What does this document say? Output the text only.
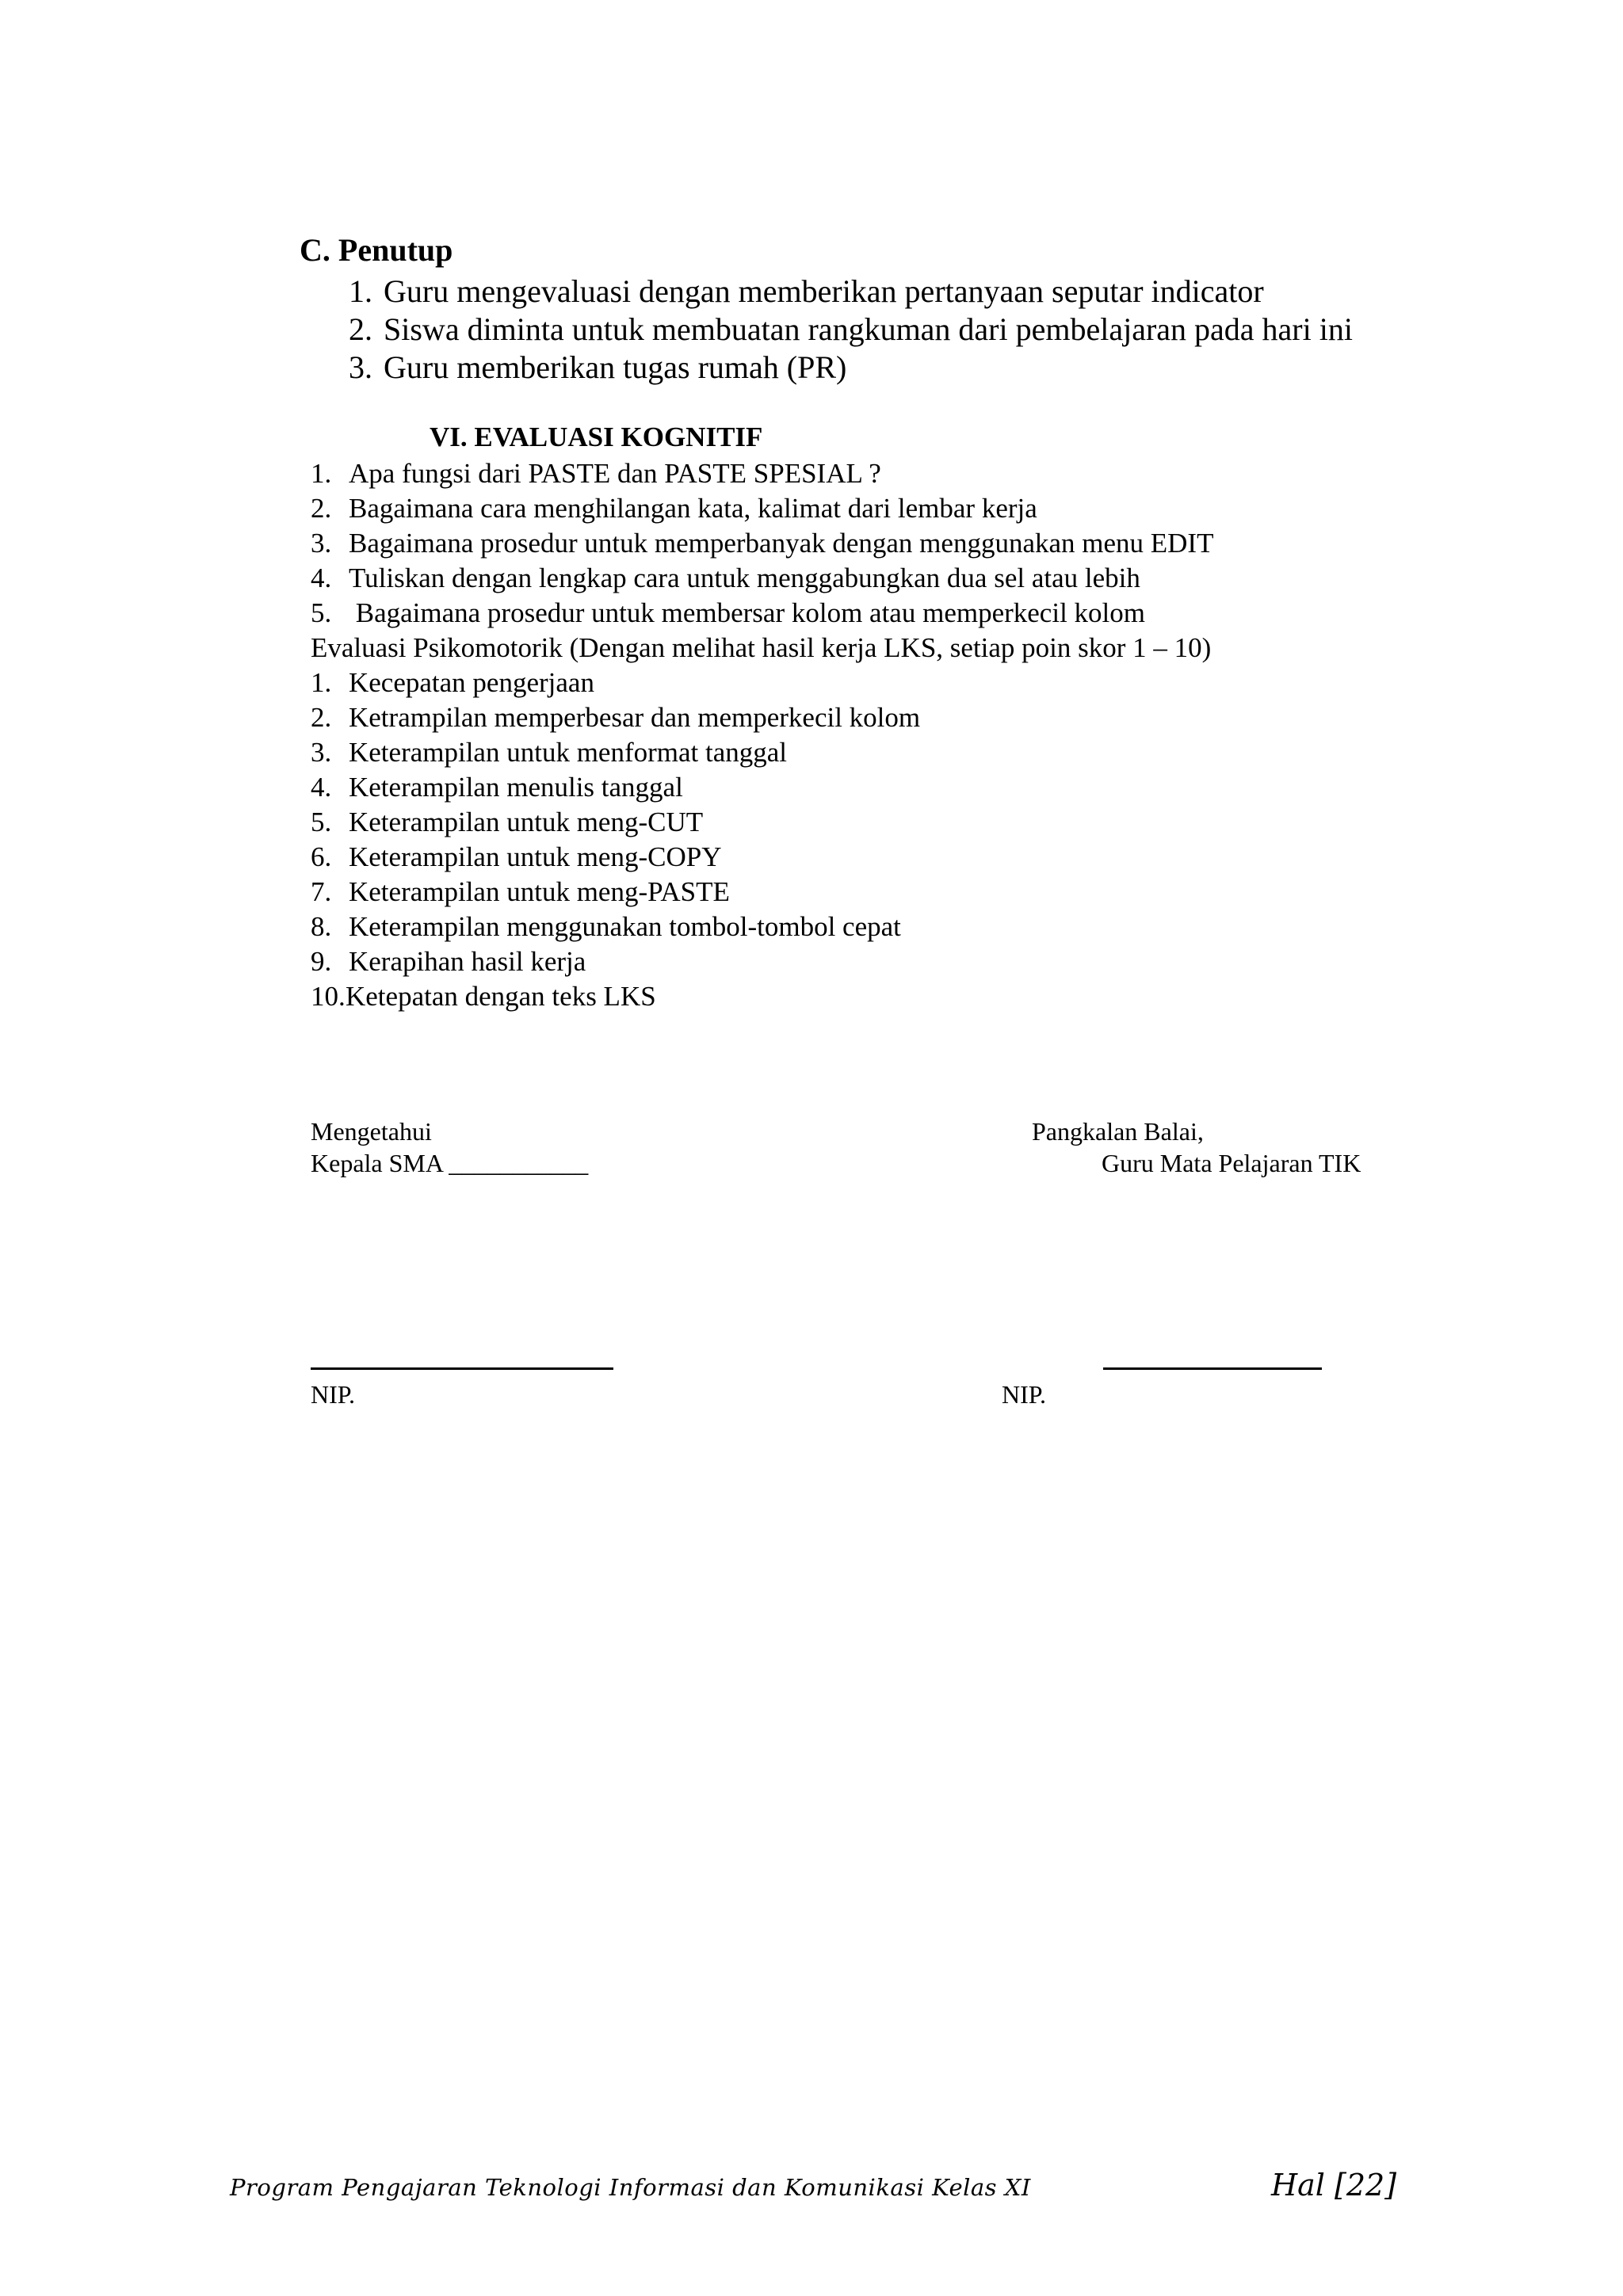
C. Penutup
1. Guru mengevaluasi dengan memberikan pertanyaan seputar indicator
2. Siswa diminta untuk membuatan rangkuman dari pembelajaran pada hari ini
3. Guru memberikan tugas rumah (PR)
VI. EVALUASI KOGNITIF
1. Apa fungsi dari PASTE dan PASTE SPESIAL ?
2. Bagaimana cara menghilangan kata, kalimat dari lembar kerja
3. Bagaimana prosedur untuk memperbanyak dengan menggunakan menu EDIT
4. Tuliskan dengan lengkap cara untuk menggabungkan dua sel atau lebih
5. Bagaimana prosedur untuk membersar kolom atau memperkecil kolom
Evaluasi Psikomotorik (Dengan melihat hasil kerja LKS, setiap poin skor 1 – 10)
1. Kecepatan pengerjaan
2. Ketrampilan memperbesar dan memperkecil kolom
3. Keterampilan untuk menformat tanggal
4. Keterampilan menulis tanggal
5. Keterampilan untuk meng-CUT
6. Keterampilan untuk meng-COPY
7. Keterampilan untuk meng-PASTE
8. Keterampilan menggunakan tombol-tombol cepat
9. Kerapihan hasil kerja
10. Ketepatan dengan teks LKS
Mengetahui
Kepala SMA ___________
Pangkalan Balai,
Guru Mata Pelajaran TIK
NIP.	NIP.
Program Pengajaran Teknologi Informasi dan Komunikasi Kelas XI	Hal [22]
